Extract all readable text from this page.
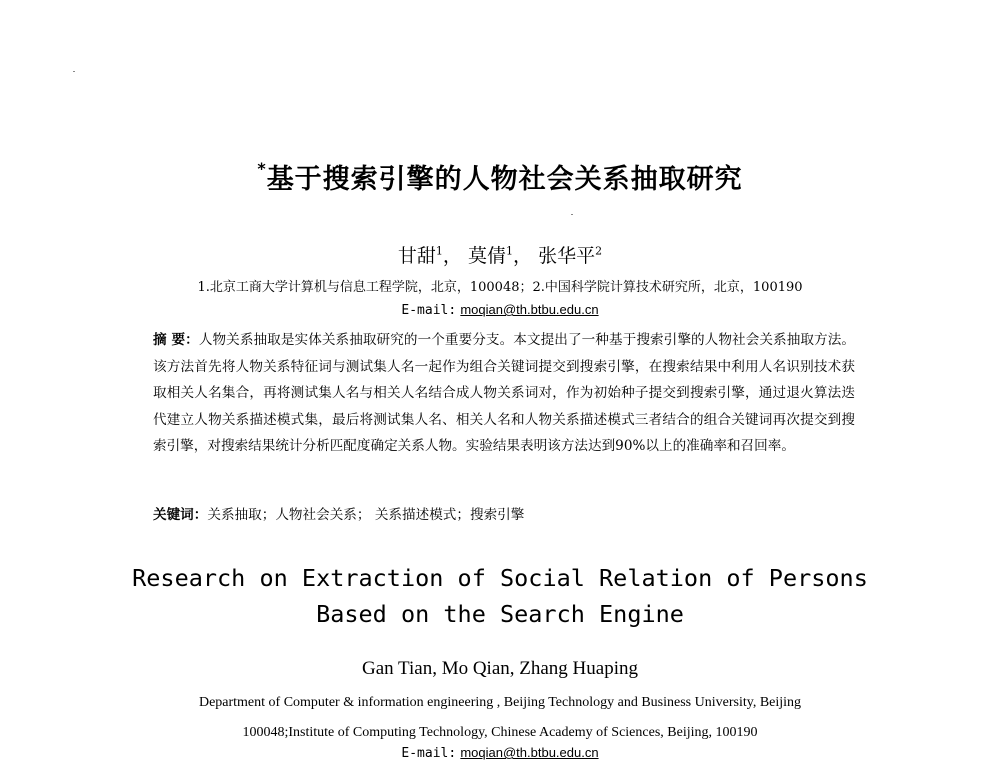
*基于搜索引擎的人物社会关系抽取研究
甘甜$^1$， 莫倩$^1$， 张华平$^2$
1.北京工商大学计算机与信息工程学院，北京，100048；2.中国科学院计算技术研究所，北京，100190
E-mail: moqian@th.btbu.edu.cn
摘 要：人物关系抽取是实体关系抽取研究的一个重要分支。本文提出了一种基于搜索引擎的人物社会关系抽取方法。该方法首先将人物关系特征词与测试集人名一起作为组合关键词提交到搜索引擎，在搜索结果中利用人名识别技术获取相关人名集合，再将测试集人名与相关人名结合成人物关系词对，作为初始种子提交到搜索引擎，通过退火算法迭代建立人物关系描述模式集，最后将测试集人名、相关人名和人物关系描述模式三者结合的组合关键词再次提交到搜索引擎，对搜索结果统计分析匹配度确定关系人物。实验结果表明该方法达到90%以上的准确率和召回率。
关键词：关系抽取；人物社会关系； 关系描述模式；搜索引擎
Research on Extraction of Social Relation of Persons
Based on the Search Engine
Gan Tian, Mo Qian, Zhang Huaping
Department of Computer & information engineering , Beijing Technology and Business University, Beijing
100048;Institute of Computing Technology, Chinese Academy of Sciences, Beijing, 100190
E-mail: moqian@th.btbu.edu.cn
